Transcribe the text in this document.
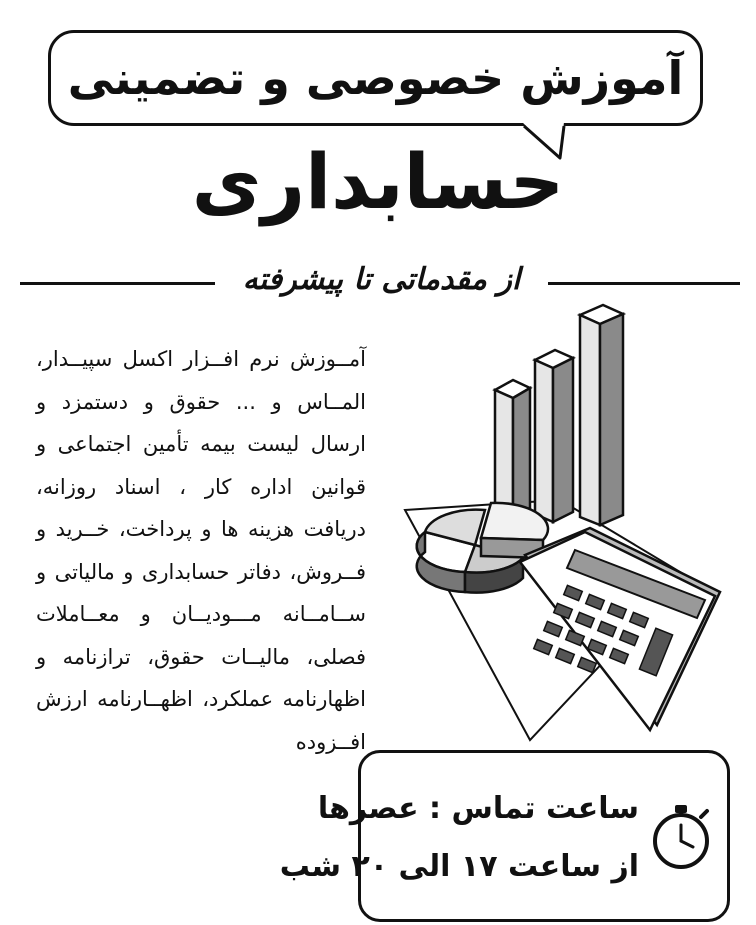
آموزش خصوصی و تضمینی
حسابداری
از مقدماتی تا پیشرفته
آمــوزش نرم افــزار اکسل سپیــدار، المــاس و ... حقوق و دستمزد و ارسال لیست بیمه تأمین اجتماعی و قوانین اداره کار ، اسناد روزانه، دریافت هزینه ها و پرداخت، خــرید و فــروش، دفاتر حسابداری و مالیاتی و ســامــانه مـــودیــان و معــاملات فصلی، مالیــات حقوق، ترازنامه و اظهارنامه عملکرد، اظهــارنامه ارزش افــزوده
ساعت تماس : عصرها
از ساعت ۱۷ الی ۲۰ شب
